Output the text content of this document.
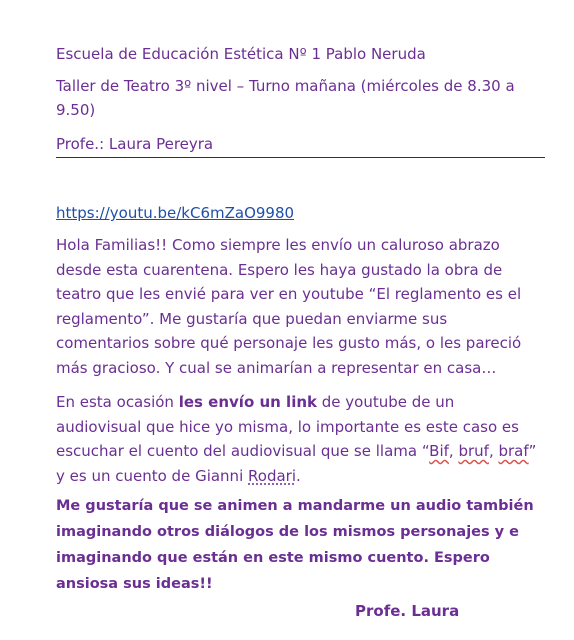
Escuela de Educación Estética Nº 1 Pablo Neruda
Taller de Teatro 3º nivel – Turno mañana (miércoles de 8.30 a 9.50)
Profe.: Laura Pereyra
https://youtu.be/kC6mZaO9980

Hola Familias!! Como siempre les envío un caluroso abrazo desde esta cuarentena. Espero les haya gustado la obra de teatro que les envié para ver en youtube “El reglamento es el reglamento”. Me gustaría que puedan enviarme sus comentarios sobre qué personaje les gusto más, o les pareció más gracioso. Y cual se animarían a representar en casa…

En esta ocasión les envío un link de youtube de un audiovisual que hice yo misma, lo importante es este caso es escuchar el cuento del audiovisual que se llama “Bif, bruf, braf” y es un cuento de Gianni Rodari.

Me gustaría que se animen a mandarme un audio también imaginando otros diálogos de los mismos personajes y e imaginando que están en este mismo cuento. Espero ansiosa sus ideas!!

Profe. Laura
